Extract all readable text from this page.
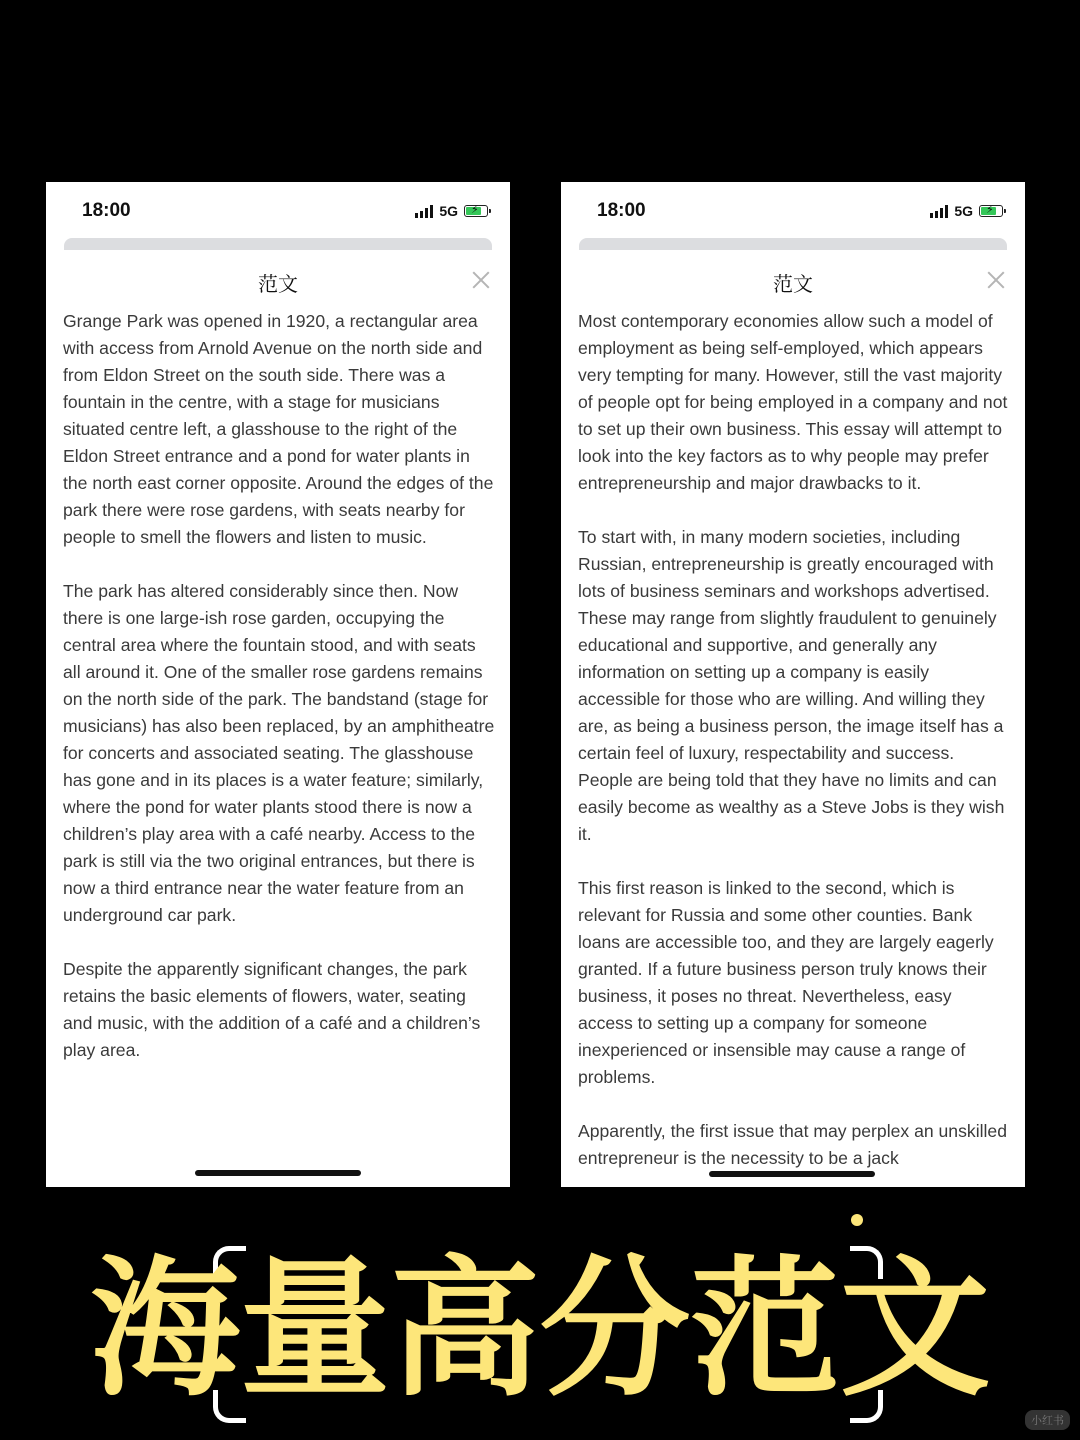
18:00	5G ⚡
范文

Grange Park was opened in 1920, a rectangular area with access from Arnold Avenue on the north side and from Eldon Street on the south side. There was a fountain in the centre, with a stage for musicians situated centre left, a glasshouse to the right of the Eldon Street entrance and a pond for water plants in the north east corner opposite. Around the edges of the park there were rose gardens, with seats nearby for people to smell the flowers and listen to music.

The park has altered considerably since then. Now there is one large-ish rose garden, occupying the central area where the fountain stood, and with seats all around it. One of the smaller rose gardens remains on the north side of the park. The bandstand (stage for musicians) has also been replaced, by an amphitheatre for concerts and associated seating. The glasshouse has gone and in its places is a water feature; similarly, where the pond for water plants stood there is now a children’s play area with a café nearby. Access to the park is still via the two original entrances, but there is now a third entrance near the water feature from an underground car park.

Despite the apparently significant changes, the park retains the basic elements of flowers, water, seating and music, with the addition of a café and a children’s play area.

18:00	5G ⚡
范文

Most contemporary economies allow such a model of employment as being self-employed, which appears very tempting for many. However, still the vast majority of people opt for being employed in a company and not to set up their own business. This essay will attempt to look into the key factors as to why people may prefer entrepreneurship and major drawbacks to it.

To start with, in many modern societies, including Russian, entrepreneurship is greatly encouraged with lots of business seminars and workshops advertised. These may range from slightly fraudulent to genuinely educational and supportive, and generally any information on setting up a company is easily accessible for those who are willing. And willing they are, as being a business person, the image itself has a certain feel of luxury, respectability and success. People are being told that they have no limits and can easily become as wealthy as a Steve Jobs is they wish it.

This first reason is linked to the second, which is relevant for Russia and some other counties. Bank loans are accessible too, and they are largely eagerly granted. If a future business person truly knows their business, it poses no threat. Nevertheless, easy access to setting up a company for someone inexperienced or insensible may cause a range of problems.

Apparently, the first issue that may perplex an unskilled entrepreneur is the necessity to be a jack

海量高分范文
小红书
